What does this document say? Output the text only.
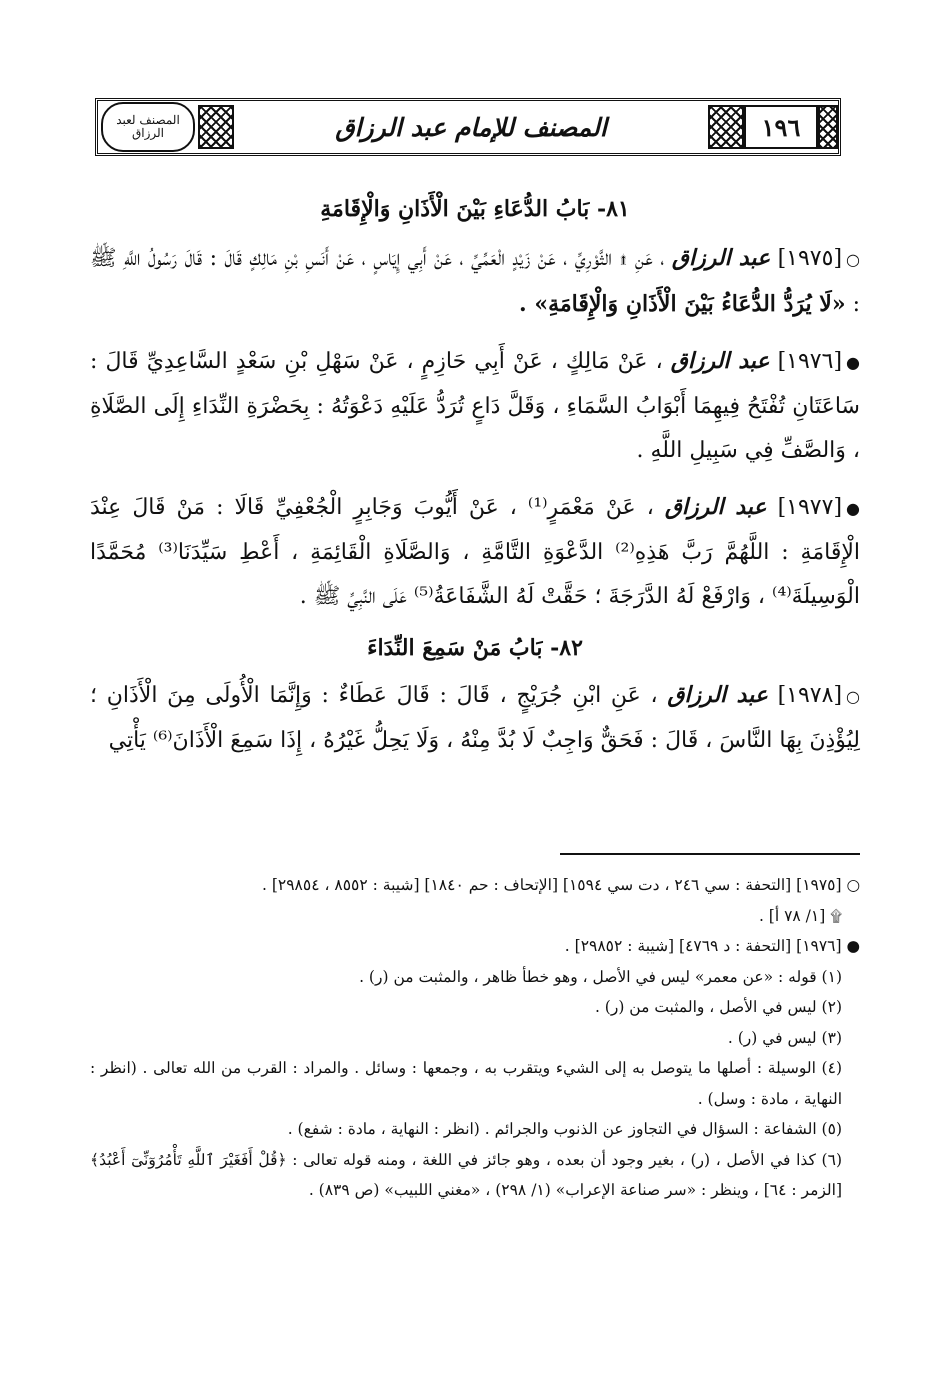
المصنف لعبد الرزاق	المصنف للإمام عبد الرزاق	١٩٦
٨١- بَابُ الدُّعَاءِ بَيْنَ الْأَذَانِ وَالْإِقَامَةِ

○[١٩٧٥] عبد الرزاق ، عَنِ ۩ الثَّوْرِيِّ ، عَنْ زَيْدٍ الْعَمِّيِّ ، عَنْ أَبِي إِيَاسٍ ، عَنْ أَنَسِ بْنِ مَالِكٍ قَالَ : قَالَ رَسُولُ اللَّهِ ﷺ : «لَا يُرَدُّ الدُّعَاءُ بَيْنَ الْأَذَانِ وَالْإِقَامَةِ» .

●[١٩٧٦] عبد الرزاق ، عَنْ مَالِكٍ ، عَنْ أَبِي حَازِمٍ ، عَنْ سَهْلِ بْنِ سَعْدٍ السَّاعِدِيِّ قَالَ : سَاعَتَانِ تُفْتَحُ فِيهِمَا أَبْوَابُ السَّمَاءِ ، وَقَلَّ دَاعٍ تُرَدُّ عَلَيْهِ دَعْوَتُهُ : بِحَضْرَةِ النِّدَاءِ إِلَى الصَّلَاةِ ، وَالصَّفِّ فِي سَبِيلِ اللَّهِ .

●[١٩٧٧] عبد الرزاق ، عَنْ مَعْمَرٍ⁽¹⁾ ، عَنْ أَيُّوبَ وَجَابِرٍ الْجُعْفِيِّ قَالَا : مَنْ قَالَ عِنْدَ الْإِقَامَةِ : اللَّهُمَّ رَبَّ هَذِهِ⁽²⁾ الدَّعْوَةِ التَّامَّةِ ، وَالصَّلَاةِ الْقَائِمَةِ ، أَعْطِ سَيِّدَنَا⁽³⁾ مُحَمَّدًا الْوَسِيلَةَ⁽⁴⁾ ، وَارْفَعْ لَهُ الدَّرَجَةَ ؛ حَقَّتْ لَهُ الشَّفَاعَةُ⁽⁵⁾ عَلَى النَّبِيِّ ﷺ .

٨٢- بَابُ مَنْ سَمِعَ النِّدَاءَ

○[١٩٧٨] عبد الرزاق ، عَنِ ابْنِ جُرَيْجٍ ، قَالَ : قَالَ عَطَاءٌ : وَإِنَّمَا الْأُولَى مِنَ الْأَذَانِ ؛ لِيُؤْذِنَ بِهَا النَّاسَ ، قَالَ : فَحَقٌّ وَاجِبٌ لَا بُدَّ مِنْهُ ، وَلَا يَحِلُّ غَيْرُهُ ، إِذَا سَمِعَ الْأَذَانَ⁽⁶⁾ يَأْتِي

○ [١٩٧٥] [التحفة : سي ٢٤٦ ، دت سي ١٥٩٤] [الإتحاف : حم ١٨٤٠] [شيبة : ٨٥٥٢ ، ٢٩٨٥٤] .

۩ [١/ ٧٨ أ] .

● [١٩٧٦] [التحفة : د ٤٧٦٩] [شيبة : ٢٩٨٥٢] .

(١) قوله : «عن معمر» ليس في الأصل ، وهو خطأ ظاهر ، والمثبت من (ر) .

(٢) ليس في الأصل ، والمثبت من (ر) .

(٣) ليس في (ر) .

(٤) الوسيلة : أصلها ما يتوصل به إلى الشيء ويتقرب به ، وجمعها : وسائل . والمراد : القرب من الله تعالى . (انظر : النهاية ، مادة : وسل) .

(٥) الشفاعة : السؤال في التجاوز عن الذنوب والجرائم . (انظر : النهاية ، مادة : شفع) .

(٦) كذا في الأصل ، (ر) ، بغير وجود أن بعده ، وهو جائز في اللغة ، ومنه قوله تعالى : ﴿قُلْ أَفَغَيْرَ ٱللَّهِ تَأْمُرُوٓنِّىٓ أَعْبُدُ﴾ [الزمر : ٦٤] ، وينظر : «سر صناعة الإعراب» (١/ ٢٩٨) ، «مغني اللبيب» (ص ٨٣٩) .
